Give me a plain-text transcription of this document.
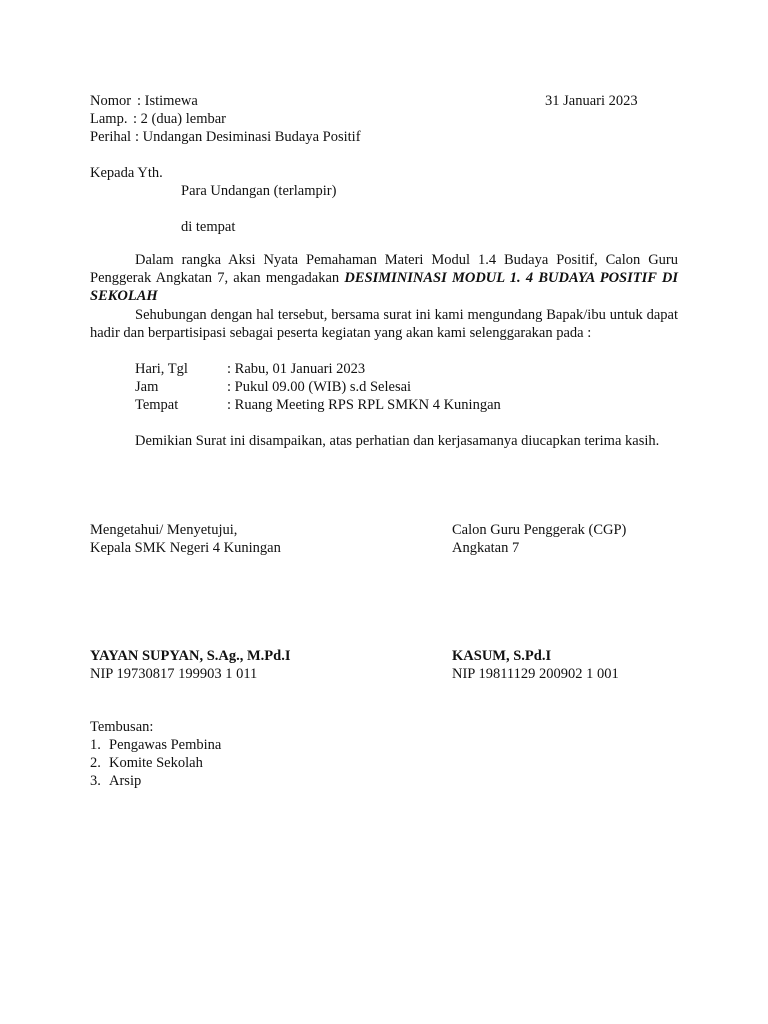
Nomor : Istimewa	31 Januari 2023
Lamp. : 2 (dua) lembar
Perihal : Undangan Desiminasi Budaya Positif
Kepada Yth.
Para Undangan (terlampir)
di tempat
Dalam rangka Aksi Nyata Pemahaman Materi Modul 1.4 Budaya Positif, Calon Guru Penggerak Angkatan 7, akan mengadakan DESIMININASI MODUL 1. 4 BUDAYA POSITIF DI SEKOLAH
Sehubungan dengan hal tersebut, bersama surat ini kami mengundang Bapak/ibu untuk dapat hadir dan berpartisipasi sebagai peserta kegiatan yang akan kami selenggarakan pada :
Hari, Tgl	: Rabu, 01 Januari 2023
Jam	: Pukul 09.00 (WIB) s.d Selesai
Tempat	: Ruang Meeting RPS RPL SMKN 4 Kuningan
Demikian Surat ini disampaikan, atas perhatian dan kerjasamanya diucapkan terima kasih.
Mengetahui/ Menyetujui,
Kepala SMK Negeri 4 Kuningan
YAYAN SUPYAN, S.Ag., M.Pd.I
NIP 19730817 199903 1 011
Calon Guru Penggerak (CGP)
Angkatan 7
KASUM, S.Pd.I
NIP 19811129 200902 1 001
Tembusan:
1. Pengawas Pembina
2. Komite Sekolah
3. Arsip
